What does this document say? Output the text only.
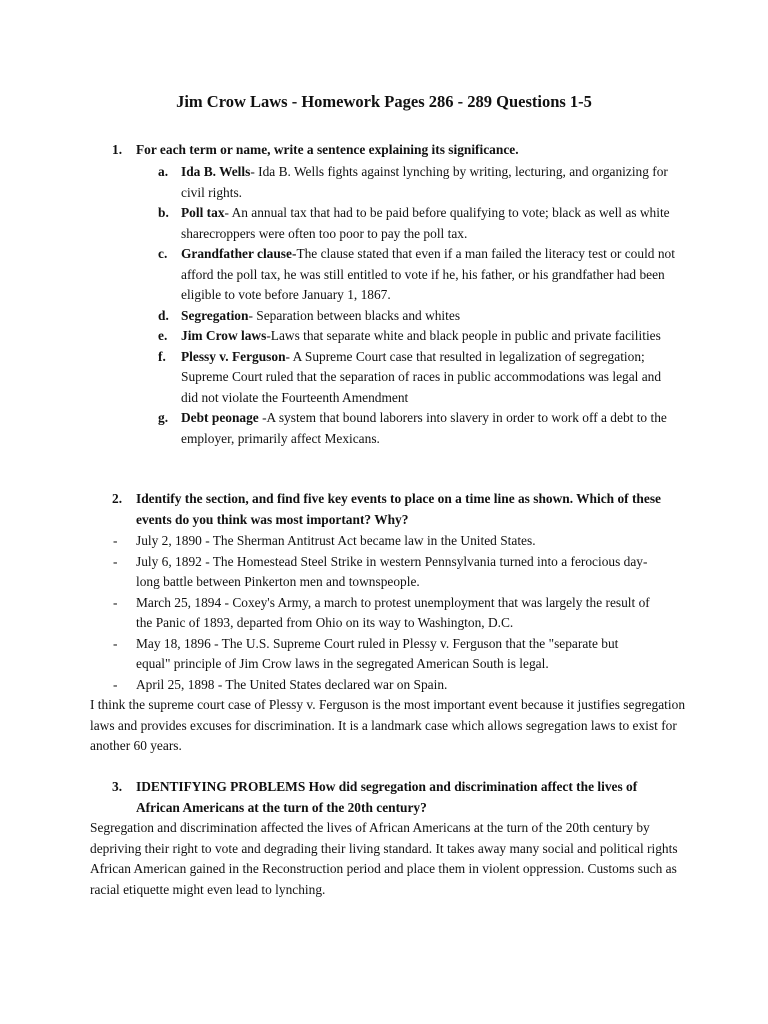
Jim Crow Laws - Homework Pages 286 - 289 Questions 1-5
1. For each term or name, write a sentence explaining its significance.
a. Ida B. Wells- Ida B. Wells fights against lynching by writing, lecturing, and organizing for civil rights.
b. Poll tax- An annual tax that had to be paid before qualifying to vote; black as well as white sharecroppers were often too poor to pay the poll tax.
c.	Grandfather clause-The clause stated that even if a man failed the literacy test or could not afford the poll tax, he was still entitled to vote if he, his father, or his grandfather had been eligible to vote before January 1, 1867.
d. Segregation- Separation between blacks and whites
e.	Jim Crow laws-Laws that separate white and black people in public and private facilities
f.	Plessy v. Ferguson- A Supreme Court case that resulted in legalization of segregation; Supreme Court ruled that the separation of races in public accommodations was legal and did not violate the Fourteenth Amendment
g. Debt peonage -A system that bound laborers into slavery in order to work off a debt to the employer, primarily affect Mexicans.
2. Identify the section, and find five key events to place on a time line as shown. Which of these events do you think was most important? Why?
-	July 2, 1890 - The Sherman Antitrust Act became law in the United States.
-	July 6, 1892 - The Homestead Steel Strike in western Pennsylvania turned into a ferocious day-long battle between Pinkerton men and townspeople.
-	March 25, 1894 - Coxey's Army, a march to protest unemployment that was largely the result of the Panic of 1893, departed from Ohio on its way to Washington, D.C.
-	May 18, 1896 - The U.S. Supreme Court ruled in Plessy v. Ferguson that the "separate but equal" principle of Jim Crow laws in the segregated American South is legal.
-	April 25, 1898 - The United States declared war on Spain.
I think the supreme court case of Plessy v. Ferguson is the most important event because it justifies segregation laws and provides excuses for discrimination. It is a landmark case which allows segregation laws to exist for another 60 years.
3. IDENTIFYING PROBLEMS How did segregation and discrimination affect the lives of African Americans at the turn of the 20th century?
Segregation and discrimination affected the lives of African Americans at the turn of the 20th century by depriving their right to vote and degrading their living standard. It takes away many social and political rights African American gained in the Reconstruction period and place them in violent oppression. Customs such as racial etiquette might even lead to lynching.
